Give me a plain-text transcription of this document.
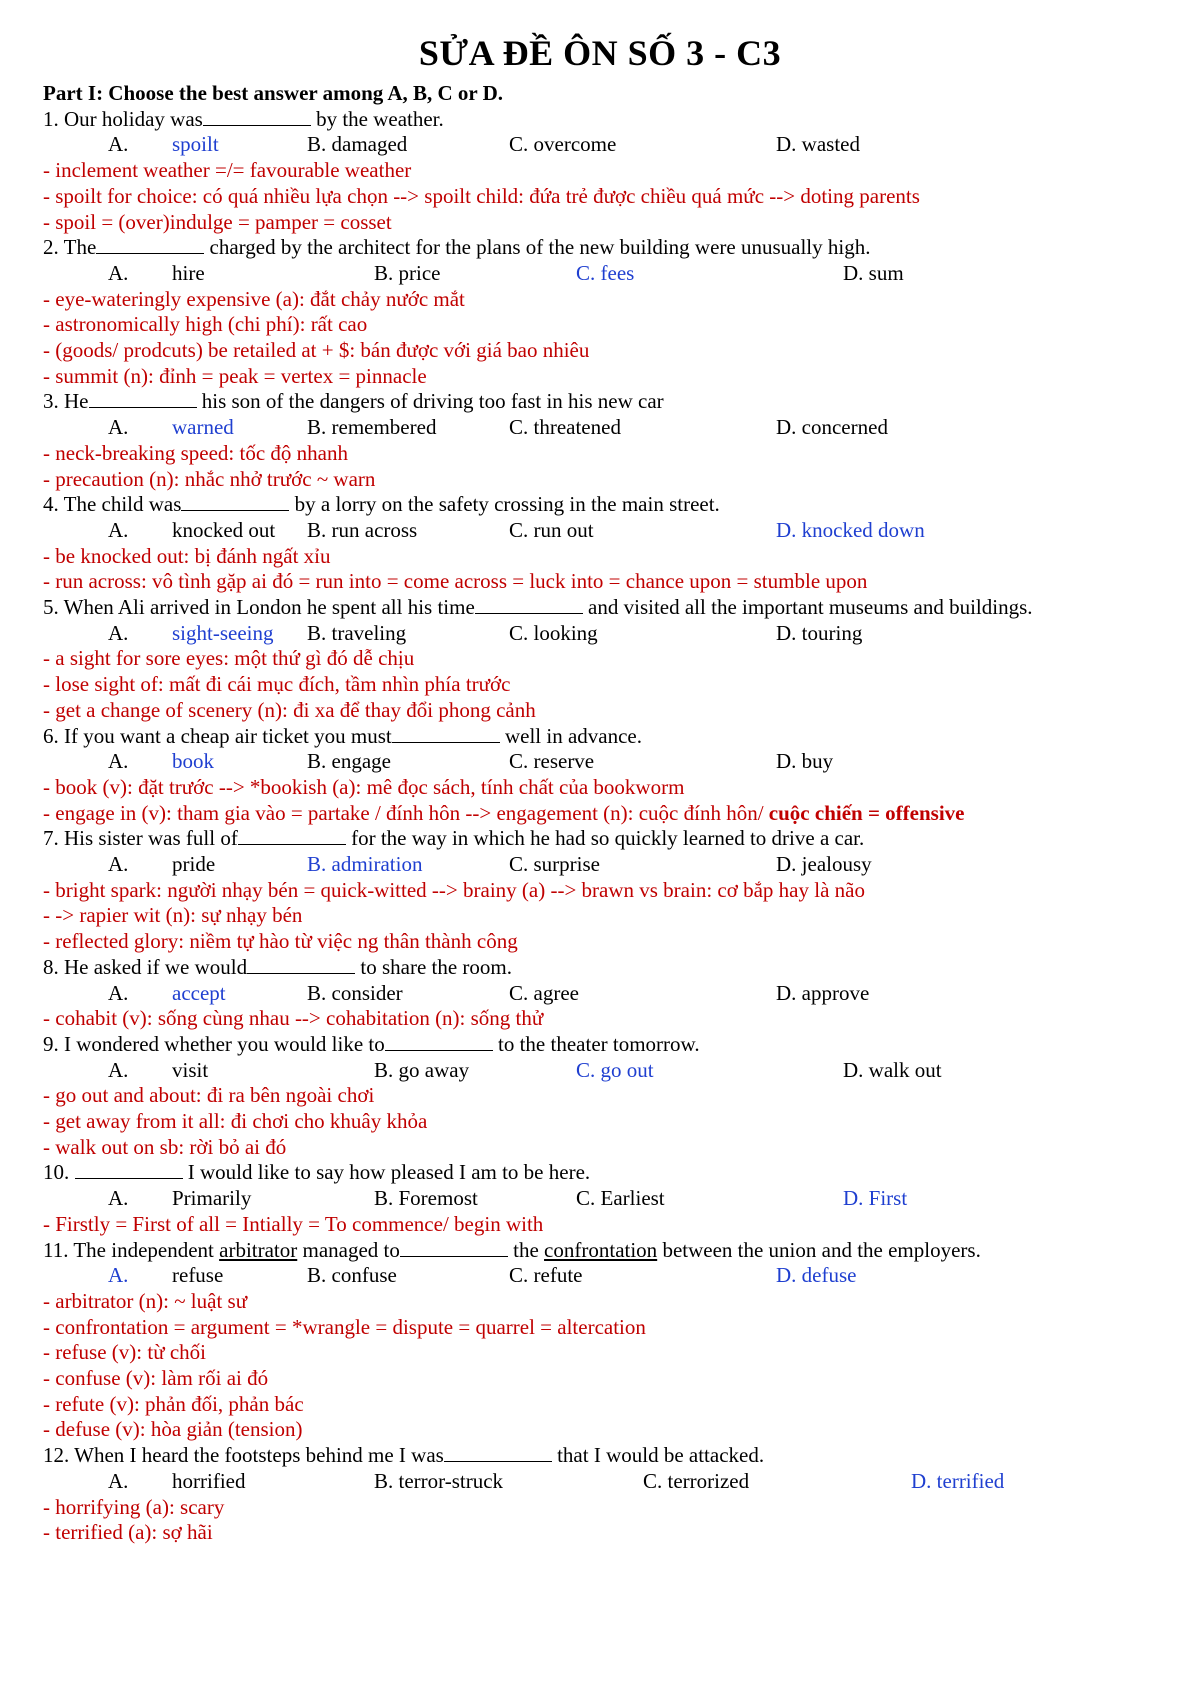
SỬA ĐỀ ÔN SỐ 3 - C3
Part I: Choose the best answer among A, B, C or D.
1. Our holiday was	by the weather.
A. spoilt	B. damaged	C. overcome	D. wasted
- inclement weather =/= favourable weather
- spoilt for choice: có quá nhiều lựa chọn --> spoilt child: đứa trẻ được chiều quá mức --> doting parents
- spoil = (over)indulge = pamper = cosset
2. The	charged by the architect for the plans of the new building were unusually high.
A. hire	B. price	C. fees	D. sum
- eye-wateringly expensive (a): đắt chảy nước mắt
- astronomically high (chi phí): rất cao
- (goods/ prodcuts) be retailed at + $: bán được với giá bao nhiêu
- summit (n): đỉnh = peak = vertex = pinnacle
3. He	his son of the dangers of driving too fast in his new car
A. warned	B. remembered	C. threatened	D. concerned
- neck-breaking speed: tốc độ nhanh
- precaution (n): nhắc nhở trước ~ warn
4. The child was	by a lorry on the safety crossing in the main street.
A. knocked out B. run across	C. run out	D. knocked down
- be knocked out: bị đánh ngất xỉu
- run across: vô tình gặp ai đó = run into = come across = luck into = chance upon = stumble upon
5. When Ali arrived in London he spent all his time	and visited all the important museums and buildings.
A. sight-seeing B. traveling	C. looking	D. touring
- a sight for sore eyes: một thứ gì đó dễ chịu
- lose sight of: mất đi cái mục đích, tầm nhìn phía trước
- get a change of scenery (n): đi xa để thay đổi phong cảnh
6. If you want a cheap air ticket you must	well in advance.
A. book	B. engage	C. reserve	D. buy
- book (v): đặt trước --> *bookish (a): mê đọc sách, tính chất của bookworm
- engage in (v): tham gia vào = partake / đính hôn --> engagement (n): cuộc đính hôn/ cuộc chiến = offensive
7. His sister was full of	for the way in which he had so quickly learned to drive a car.
A. pride	B. admiration	C. surprise	D. jealousy
- bright spark: người nhạy bén = quick-witted --> brainy (a) --> brawn vs brain: cơ bắp hay là não
- -> rapier wit (n): sự nhạy bén
- reflected glory: niềm tự hào từ việc ng thân thành công
8. He asked if we would	to share the room.
A. accept	B. consider	C. agree	D. approve
- cohabit (v): sống cùng nhau --> cohabitation (n): sống thử
9. I wondered whether you would like to	to the theater tomorrow.
A. visit	B. go away	C. go out	D. walk out
- go out and about: đi ra bên ngoài chơi
- get away from it all: đi chơi cho khuây khỏa
- walk out on sb: rời bỏ ai đó
10.	I would like to say how pleased I am to be here.
A. Primarily	B. Foremost	C. Earliest	D. First
- Firstly = First of all = Intially = To commence/ begin with
11. The independent arbitrator managed to	the confrontation between the union and the employers.
A. refuse	B. confuse	C. refute	D. defuse
- arbitrator (n): ~ luật sư
- confrontation = argument = *wrangle = dispute = quarrel = altercation
- refuse (v): từ chối
- confuse (v): làm rối ai đó
- refute (v): phản đối, phản bác
- defuse (v): hòa giản (tension)
12. When I heard the footsteps behind me I was	that I would be attacked.
A. horrified	B. terror-struck	C. terrorized	D. terrified
- horrifying (a): scary
- terrified (a): sợ hãi
